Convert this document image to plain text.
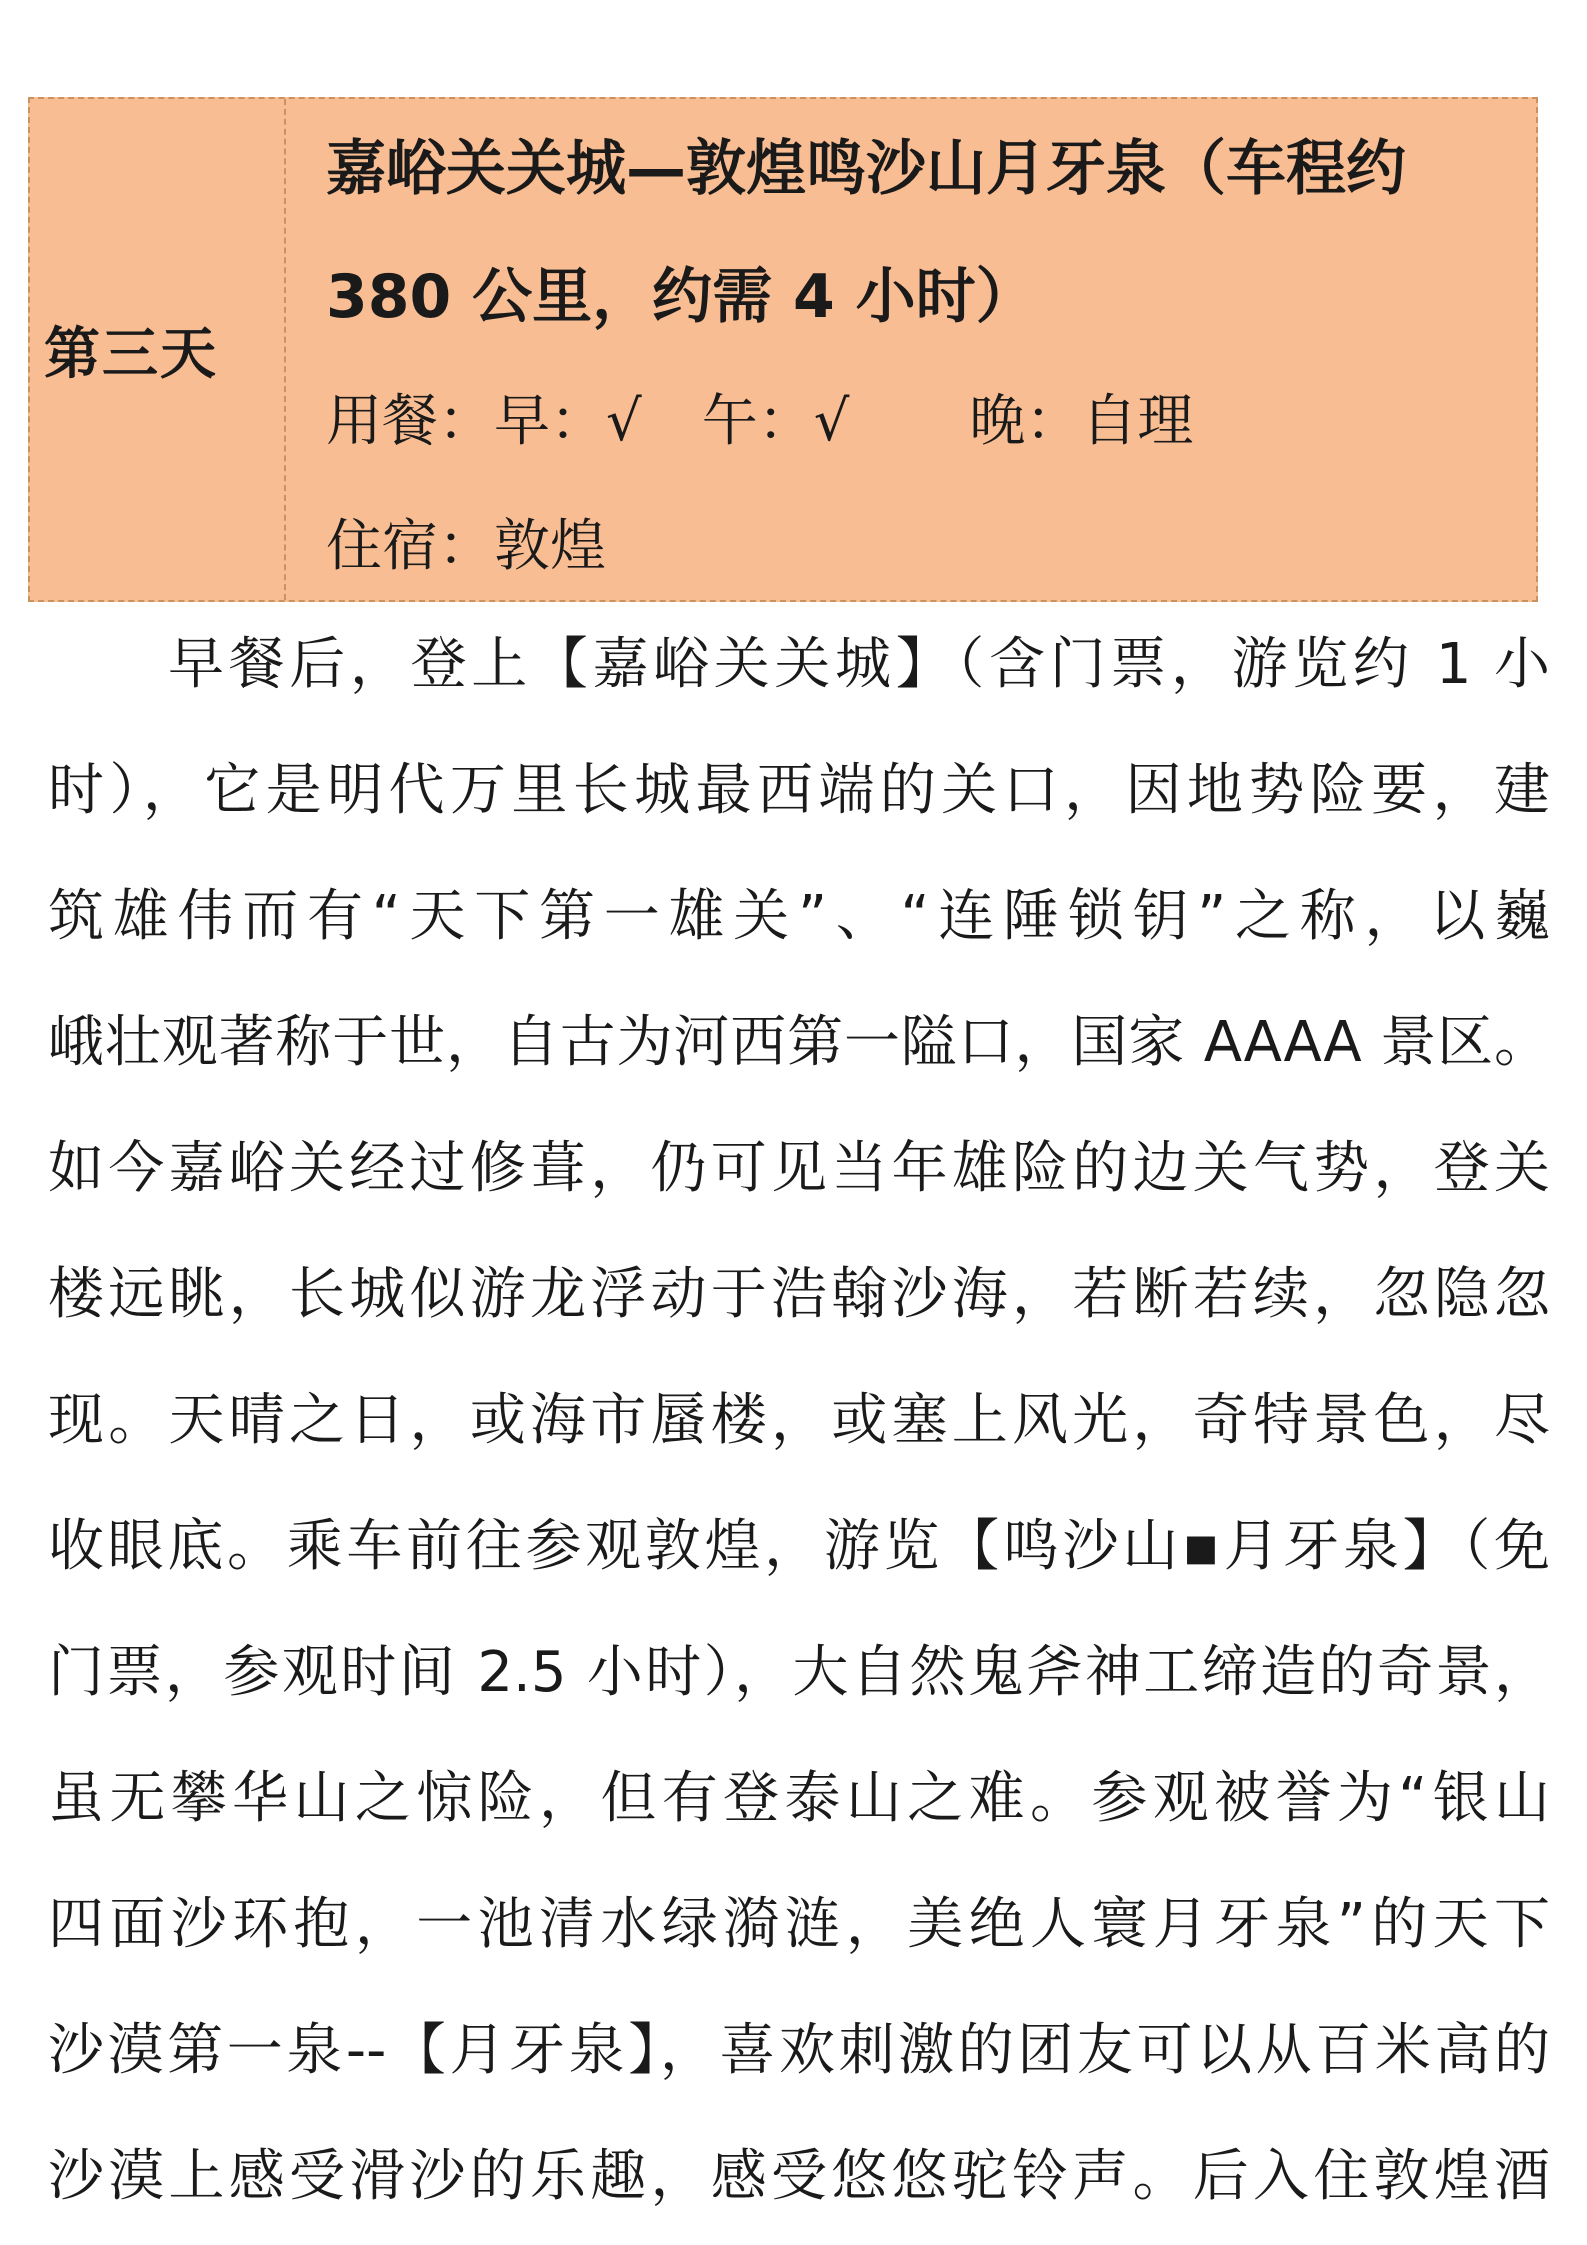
第三天
嘉峪关关城—敦煌鸣沙山月牙泉（车程约
380 公里，约需 4 小时）
用餐：早：√ 午：√ 晚：自理
住宿：敦煌
早餐后，登上【嘉峪关关城】（含门票，游览约 1 小
时），它是明代万里长城最西端的关口，因地势险要，建
筑雄伟而有“天下第一雄关”、“连陲锁钥”之称，以巍
峨壮观著称于世，自古为河西第一隘口，国家 AAAA 景区。
如今嘉峪关经过修葺，仍可见当年雄险的边关气势，登关
楼远眺，长城似游龙浮动于浩翰沙海，若断若续，忽隐忽
现。天晴之日，或海市蜃楼，或塞上风光，奇特景色，尽
收眼底。乘车前往参观敦煌，游览【鸣沙山▪月牙泉】（免
门票，参观时间 2.5 小时），大自然鬼斧神工缔造的奇景，
虽无攀华山之惊险，但有登泰山之难。参观被誉为“银山
四面沙环抱，一池清水绿漪涟，美绝人寰月牙泉”的天下
沙漠第一泉--【月牙泉】，喜欢刺激的团友可以从百米高的
沙漠上感受滑沙的乐趣，感受悠悠驼铃声。后入住敦煌酒
